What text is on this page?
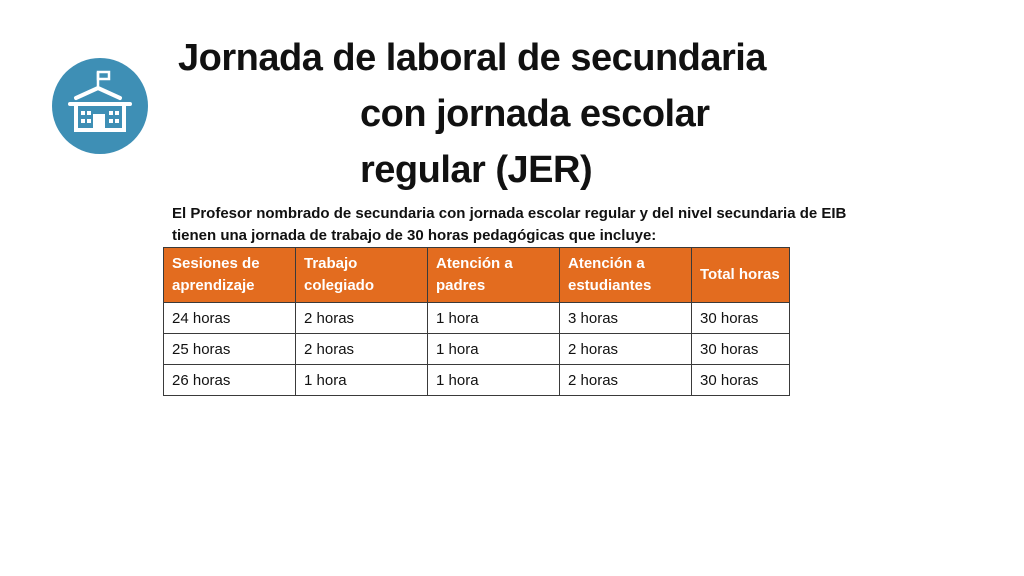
Jornada de laboral de secundaria
con jornada escolar
regular (JER)
El Profesor nombrado de secundaria con jornada escolar regular y del nivel secundaria de EIB tienen una jornada de trabajo de 30 horas pedagógicas que incluye:
Sesiones de aprendizaje	Trabajo colegiado	Atención a padres	Atención a estudiantes	Total horas
24 horas	2 horas	1 hora	3 horas	30 horas
25 horas	2 horas	1 hora	2 horas	30 horas
26 horas	1 hora	1 hora	2 horas	30 horas
